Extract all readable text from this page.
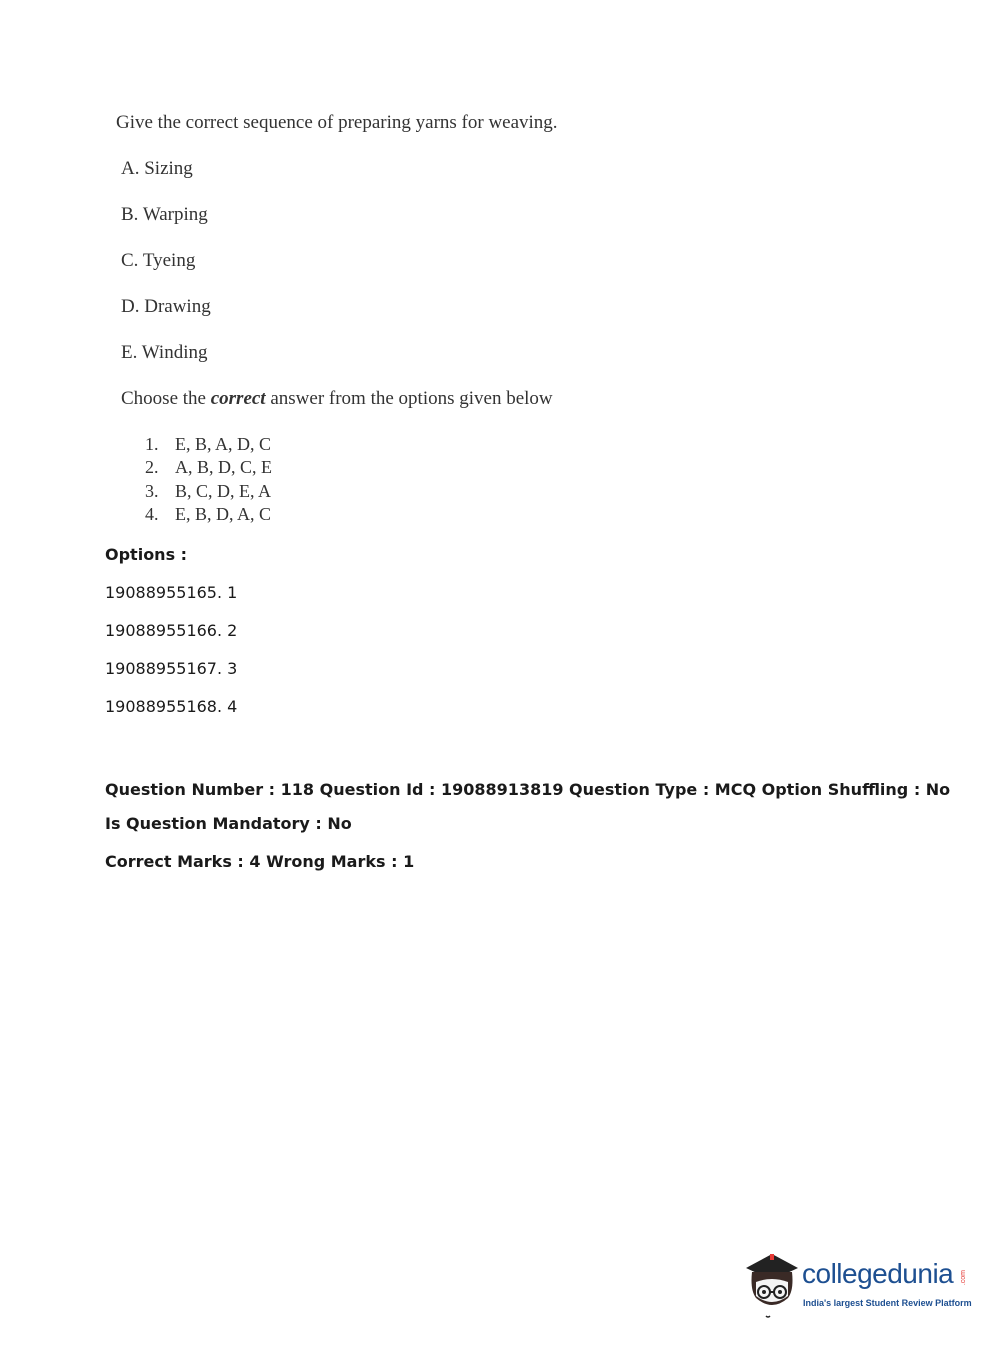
Give the correct sequence of preparing yarns for weaving.
A. Sizing
B. Warping
C. Tyeing
D. Drawing
E. Winding
Choose the correct answer from the options given below
1. E, B, A, D, C
2. A, B, D, C, E
3. B, C, D, E, A
4. E, B, D, A, C
Options :
19088955165. 1
19088955166. 2
19088955167. 3
19088955168. 4
Question Number : 118 Question Id : 19088913819 Question Type : MCQ Option Shuffling : No
Is Question Mandatory : No
Correct Marks : 4 Wrong Marks : 1
collegedunia
India's largest Student Review Platform
.com
